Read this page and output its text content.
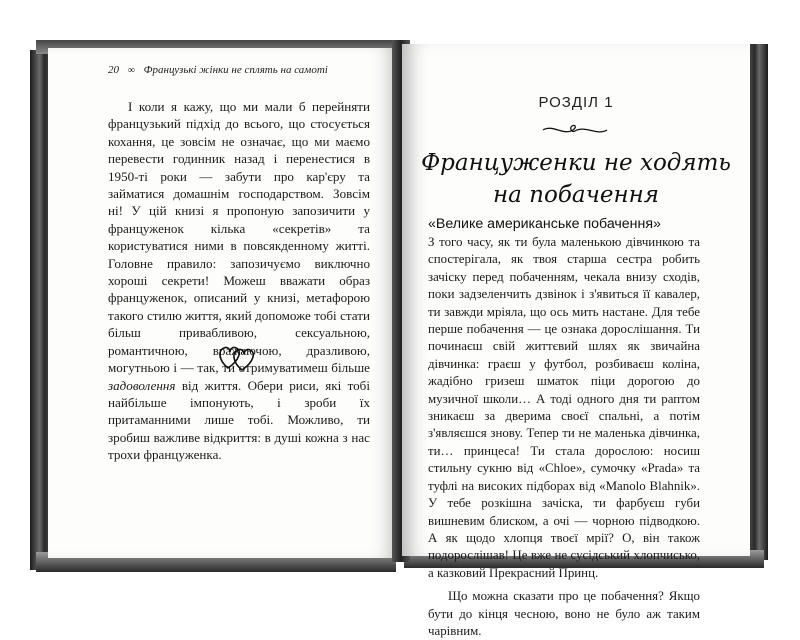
20 ∞ Французькі жінки не сплять на самоті

І коли я кажу, що ми мали б перейняти французький підхід до всього, що стосується кохання, це зовсім не означає, що ми маємо перевести годинник назад і перенестися в 1950-ті роки — забути про кар'єру та займатися домашнім господарством. Зовсім ні! У цій книзі я пропоную запозичити у француженок кілька «секретів» та користуватися ними в повсякденному житті. Головне правило: запозичуємо виключно хороші секрети! Можеш вважати образ француженок, описаний у книзі, метафорою такого стилю життя, який допоможе тобі стати більш привабливою, сексуальною, романтичною, вражаючою, дразливою, могутньою і — так, ти отримуватимеш більше задоволення від життя. Обери риси, які тобі найбільше імпонують, і зроби їх притаманними лише тобі. Можливо, ти зробиш важливе відкриття: в душі кожна з нас трохи француженка.

РОЗДІЛ 1
Француженки не ходять
на побачення
«Велике американське побачення»

З того часу, як ти була маленькою дівчинкою та спостерігала, як твоя старша сестра робить зачіску перед побаченням, чекала внизу сходів, поки задзеленчить дзвінок і з'явиться її кавалер, ти завжди мріяла, що ось мить настане. Для тебе перше побачення — це ознака дорослішання. Ти починаєш свій життєвий шлях як звичайна дівчинка: граєш у футбол, розбиваєш коліна, жадібно гризеш шматок піци дорогою до музичної школи… А тоді одного дня ти раптом зникаєш за дверима своєї спальні, а потім з'являєшся знову. Тепер ти не маленька дівчинка, ти… принцеса! Ти стала дорослою: носиш стильну сукню від «Chloe», сумочку «Prada» та туфлі на високих підборах від «Manolo Blahnik». У тебе розкішна зачіска, ти фарбуєш губи вишневим блиском, а очі — чорною підводкою. А як щодо хлопця твоєї мрії? О, він також подорослішав! Це вже не сусідський хлопчисько, а казковий Прекрасний Принц.

Що можна сказати про це побачення? Якщо бути до кінця чесною, воно не було аж таким чарівним.
